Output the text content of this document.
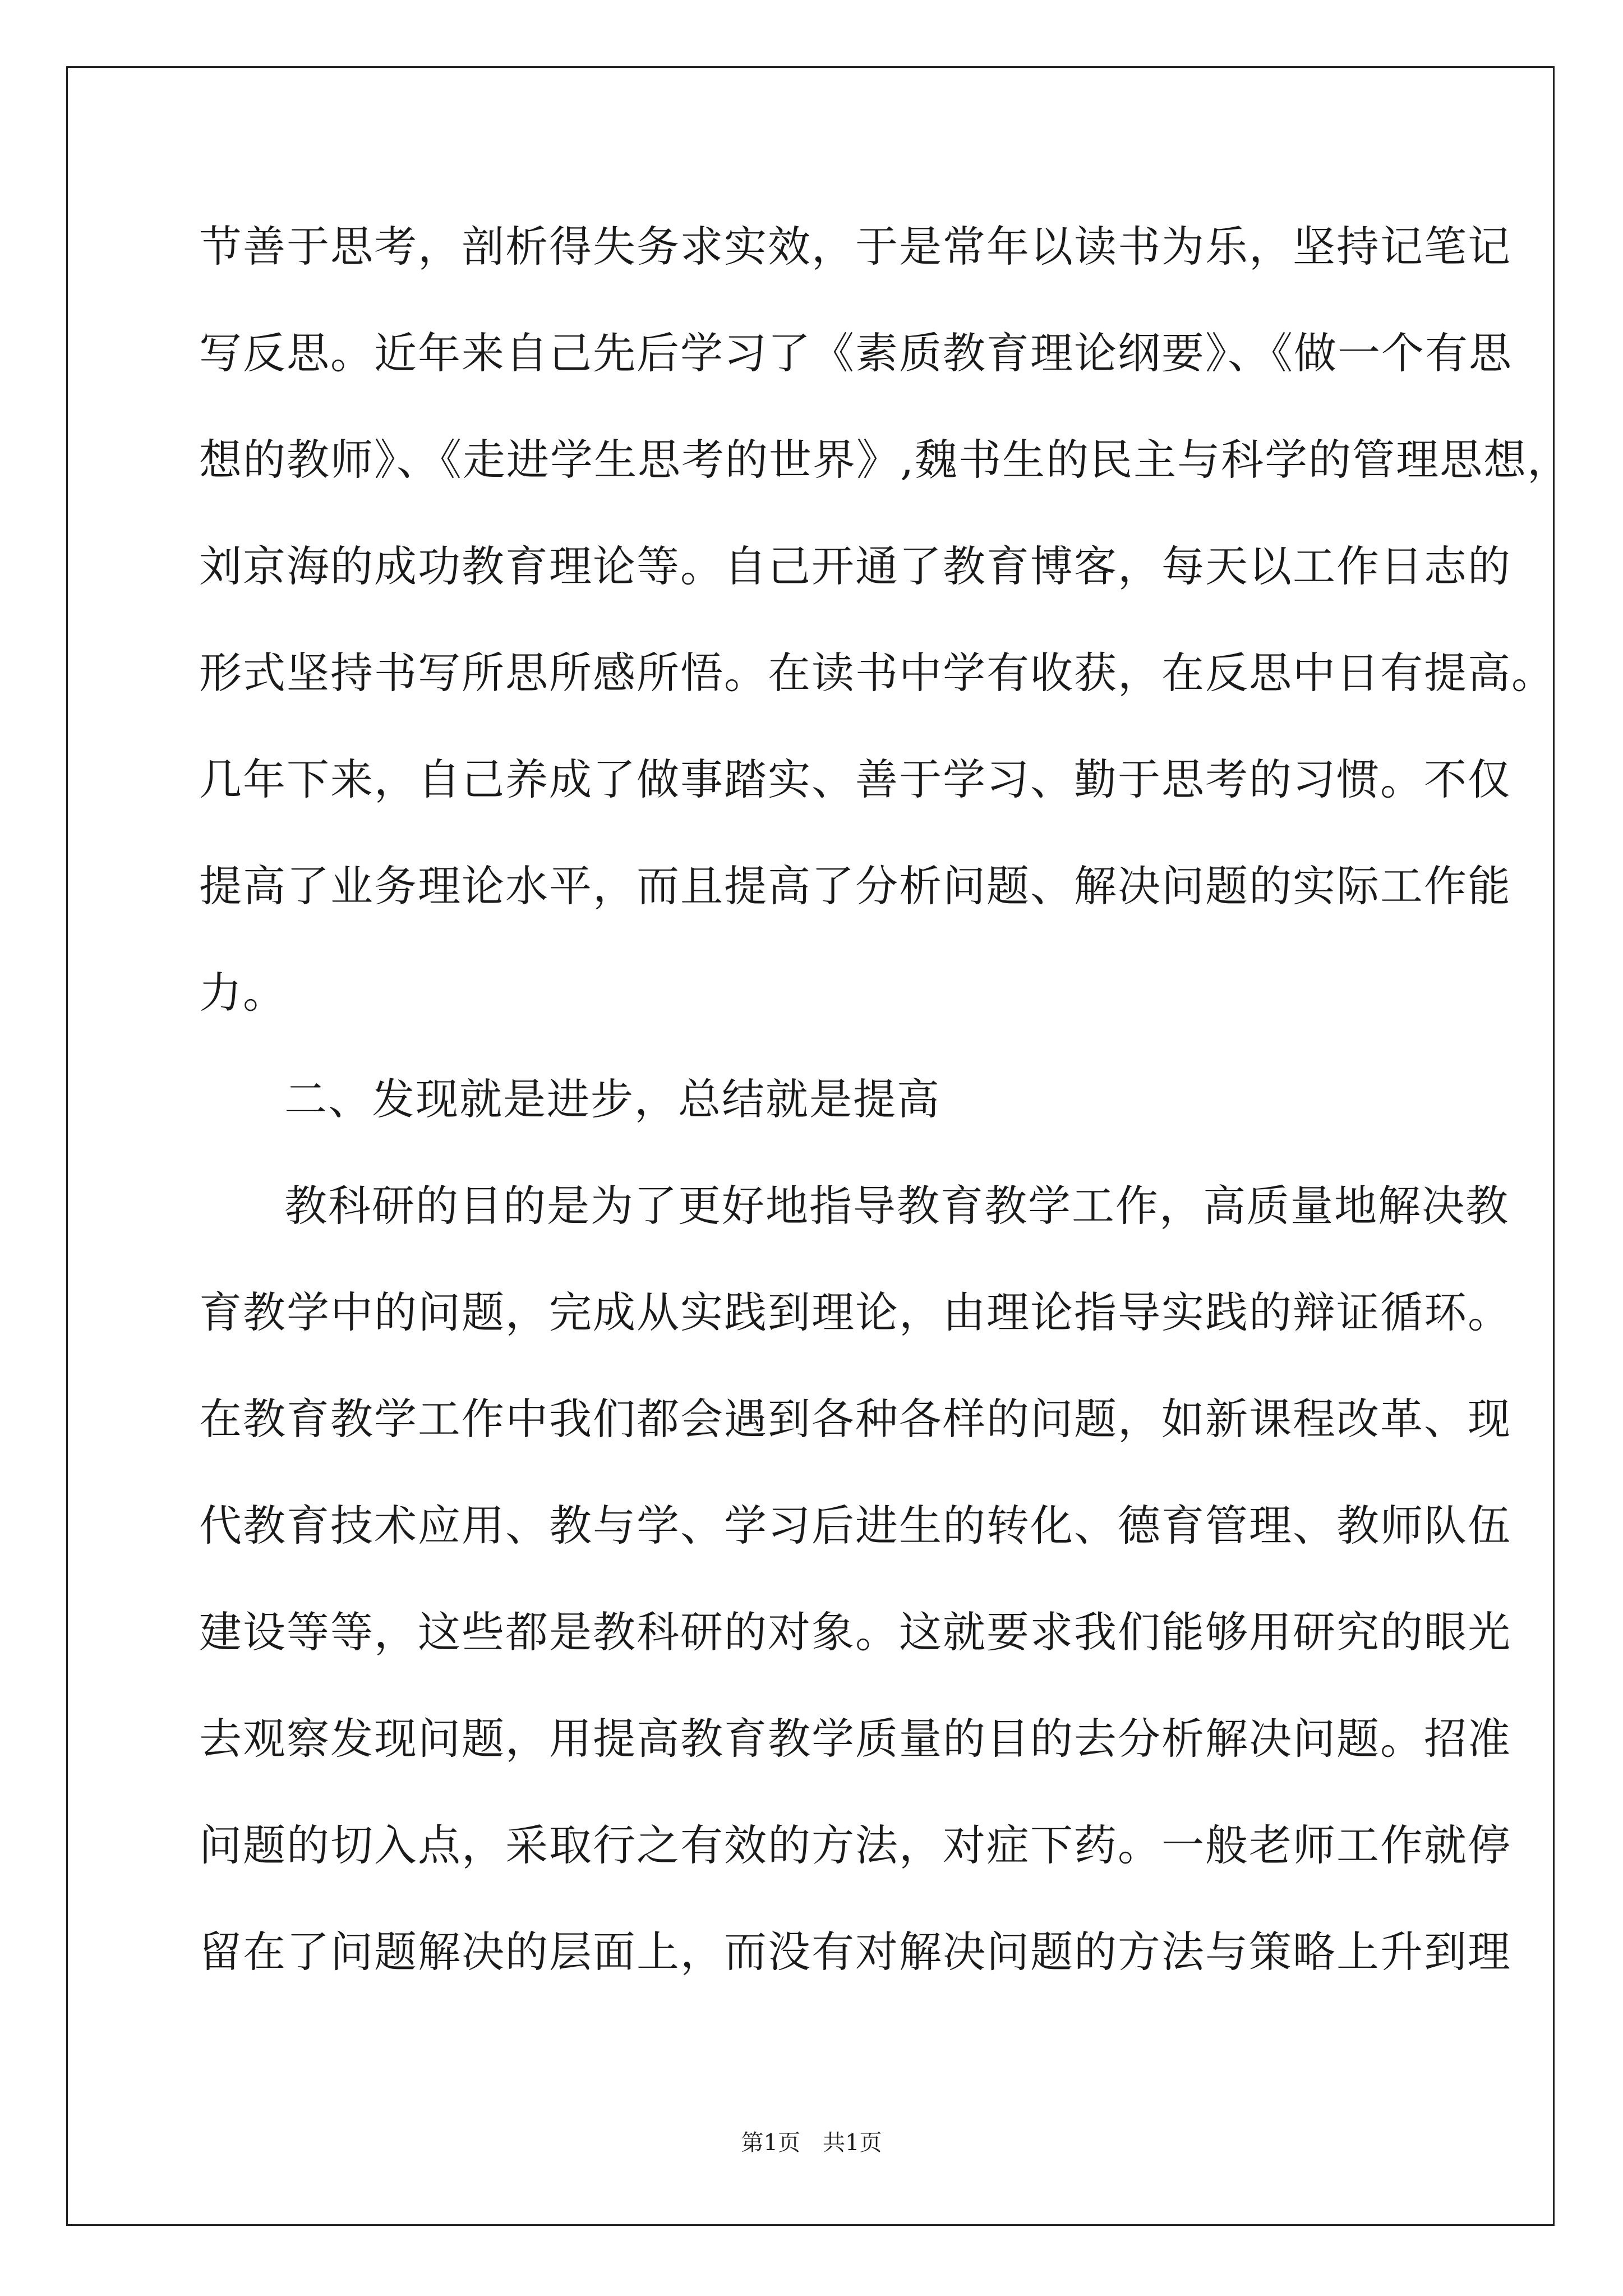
节善于思考，剖析得失务求实效，于是常年以读书为乐，坚持记笔记
写反思。近年来自己先后学习了《素质教育理论纲要》、《做一个有思
想的教师》、《走进学生思考的世界》,魏书生的民主与科学的管理思想，
刘京海的成功教育理论等。自己开通了教育博客，每天以工作日志的
形式坚持书写所思所感所悟。在读书中学有收获，在反思中日有提高。
几年下来，自己养成了做事踏实、善于学习、勤于思考的习惯。不仅
提高了业务理论水平，而且提高了分析问题、解决问题的实际工作能
力。
二、发现就是进步，总结就是提高
教科研的目的是为了更好地指导教育教学工作，高质量地解决教
育教学中的问题，完成从实践到理论，由理论指导实践的辩证循环。
在教育教学工作中我们都会遇到各种各样的问题，如新课程改革、现
代教育技术应用、教与学、学习后进生的转化、德育管理、教师队伍
建设等等，这些都是教科研的对象。这就要求我们能够用研究的眼光
去观察发现问题，用提高教育教学质量的目的去分析解决问题。招准
问题的切入点，采取行之有效的方法，对症下药。一般老师工作就停
留在了问题解决的层面上，而没有对解决问题的方法与策略上升到理
第1页　共1页
